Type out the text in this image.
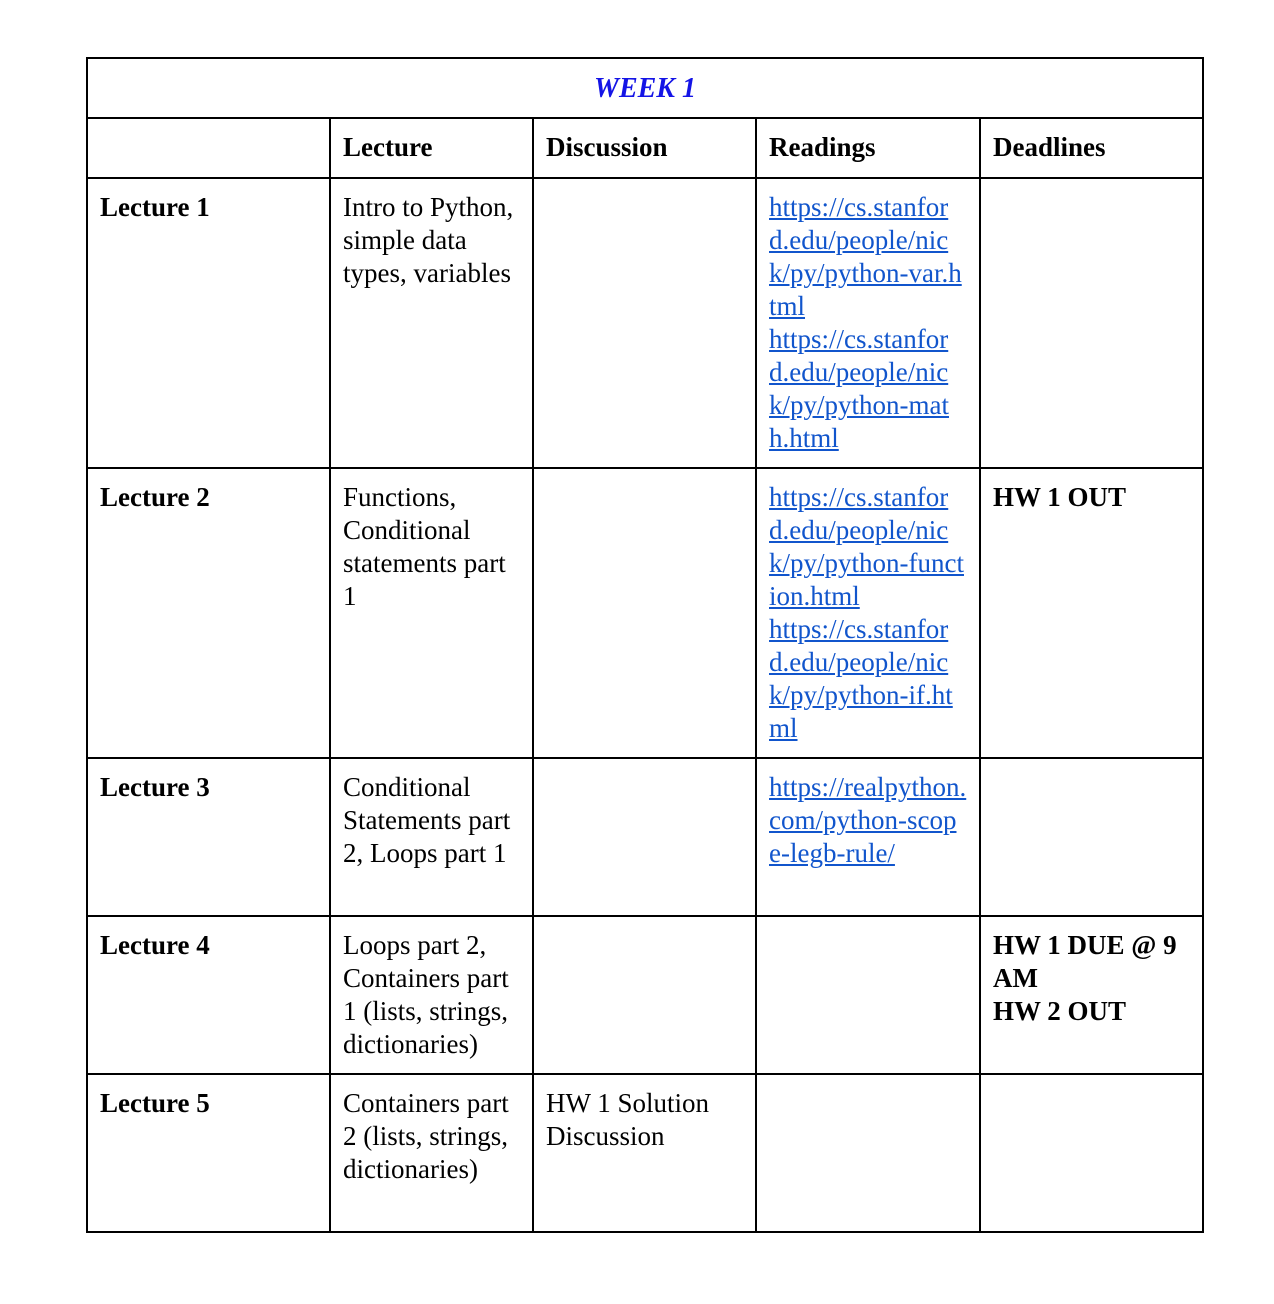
WEEK 1				
	Lecture	Discussion	Readings	Deadlines
Lecture 1	Intro to Python, simple data types, variables		https://cs.stanford.edu/people/nick/py/python-var.html
https://cs.stanford.edu/people/nick/py/python-math.html	

Lecture 2	Functions, Conditional statements part 1		https://cs.stanford.edu/people/nick/py/python-function.html
https://cs.stanford.edu/people/nick/py/python-if.html	HW 1 OUT
Lecture 3	Conditional Statements part 2, Loops part 1		https://realpython.com/python-scope-legb-rule/	

Lecture 4	Loops part 2, Containers part 1 (lists, strings, dictionaries)			HW 1 DUE @ 9 AM
HW 2 OUT
Lecture 5	Containers part 2 (lists, strings, dictionaries)	HW 1 Solution Discussion		
